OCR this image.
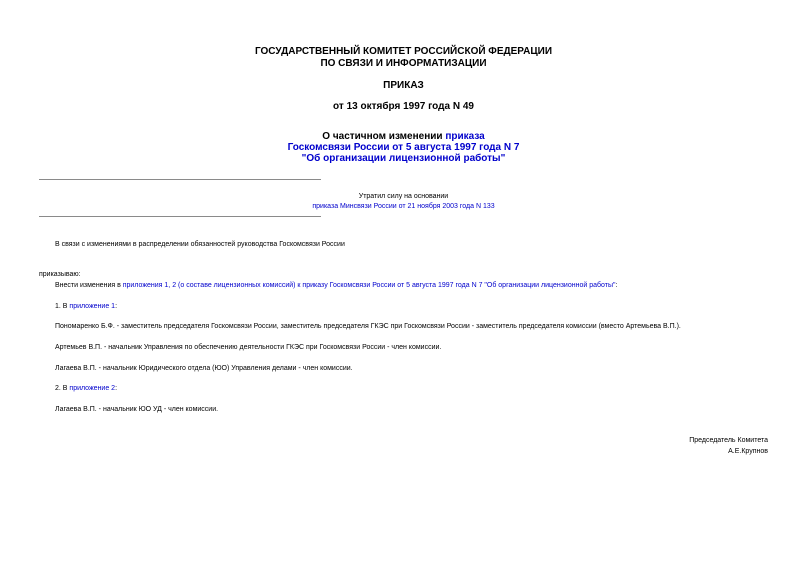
ГОСУДАРСТВЕННЫЙ КОМИТЕТ РОССИЙСКОЙ ФЕДЕРАЦИИ
ПО СВЯЗИ И ИНФОРМАТИЗАЦИИ
ПРИКАЗ
от 13 октября 1997 года N 49
О частичном изменении приказа
Госкомсвязи России от 5 августа 1997 года N 7
"Об организации лицензионной работы"
Утратил силу на основании
приказа Минсвязи России от 21 ноября 2003 года N 133
В связи с изменениями в распределении обязанностей руководства Госкомсвязи России
приказываю:
Внести изменения в приложения 1, 2 (о составе лицензионных комиссий) к приказу Госкомсвязи России от 5 августа 1997 года N 7 "Об организации лицензионной работы":
1. В приложение 1:
Пономаренко Б.Ф. - заместитель председателя Госкомсвязи России, заместитель председателя ГКЭС при Госкомсвязи России - заместитель председателя комиссии (вместо Артемьева В.П.).
Артемьев В.П. - начальник Управления по обеспечению деятельности ГКЭС при Госкомсвязи России - член комиссии.
Лагаева В.П. - начальник Юридического отдела (ЮО) Управления делами - член комиссии.
2. В приложение 2:
Лагаева В.П. - начальник ЮО УД - член комиссии.
Председатель Комитета
А.Е.Крупнов
